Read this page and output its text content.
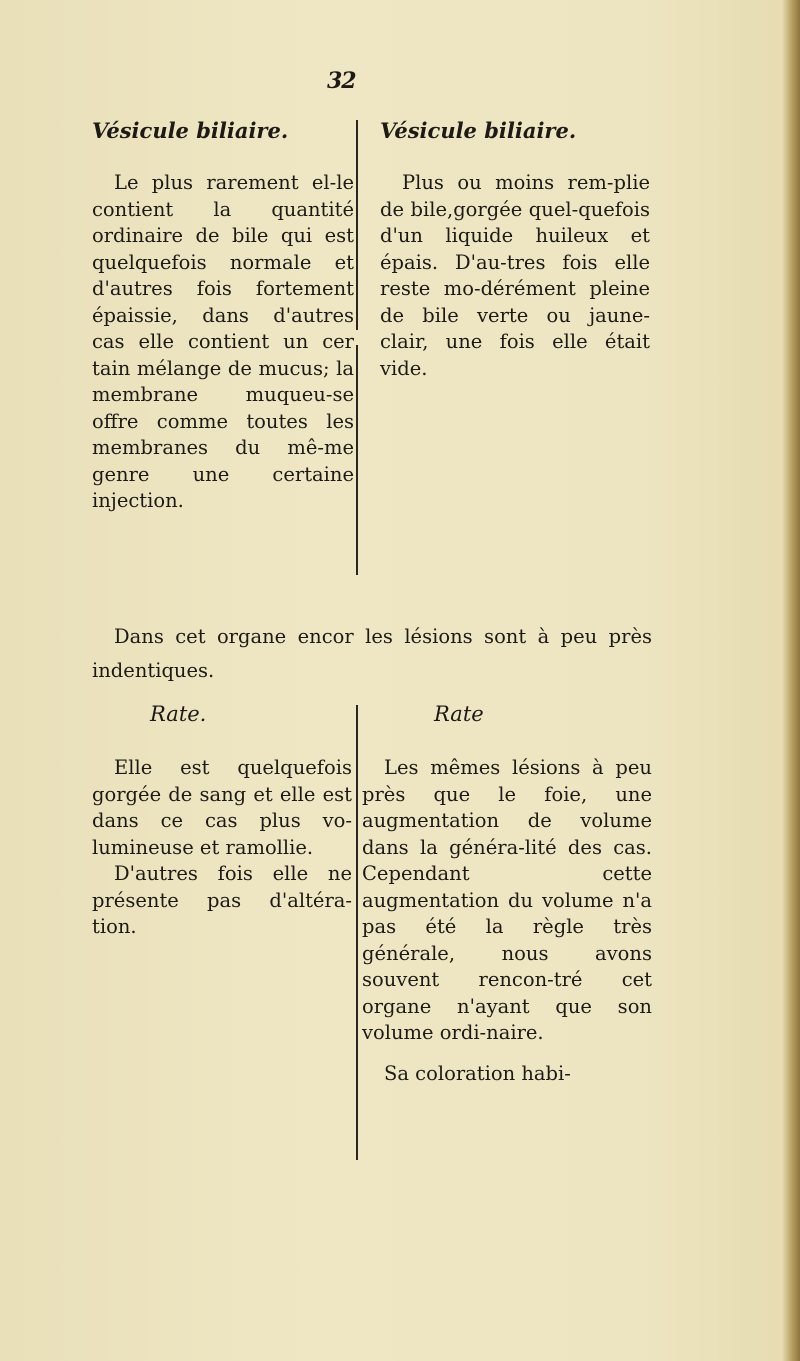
32
Vésicule biliaire.	Vésicule biliaire.

Le plus rarement el-le contient la quantité ordinaire de bile qui est quelquefois normale et d'autres fois fortement épaissie, dans d'autres cas elle contient un cer tain mélange de mucus; la membrane muqueu-se offre comme toutes les membranes du mê-me genre une certaine injection.

Plus ou moins rem-plie de bile,gorgée quel-quefois d'un liquide huileux et épais. D'au-tres fois elle reste mo-dérément pleine de bile verte ou jaune-clair, une fois elle était vide.

Dans cet organe encor les lésions sont à peu près indentiques.

Rate.	Rate

Elle est quelquefois gorgée de sang et elle est dans ce cas plus vo-lumineuse et ramollie.

D'autres fois elle ne présente pas d'altéra-tion.

Les mêmes lésions à peu près que le foie, une augmentation de volume dans la généra-lité des cas. Cependant cette augmentation du volume n'a pas été la règle très générale, nous avons souvent rencon-tré cet organe n'ayant que son volume ordi-naire.

Sa coloration habi-
